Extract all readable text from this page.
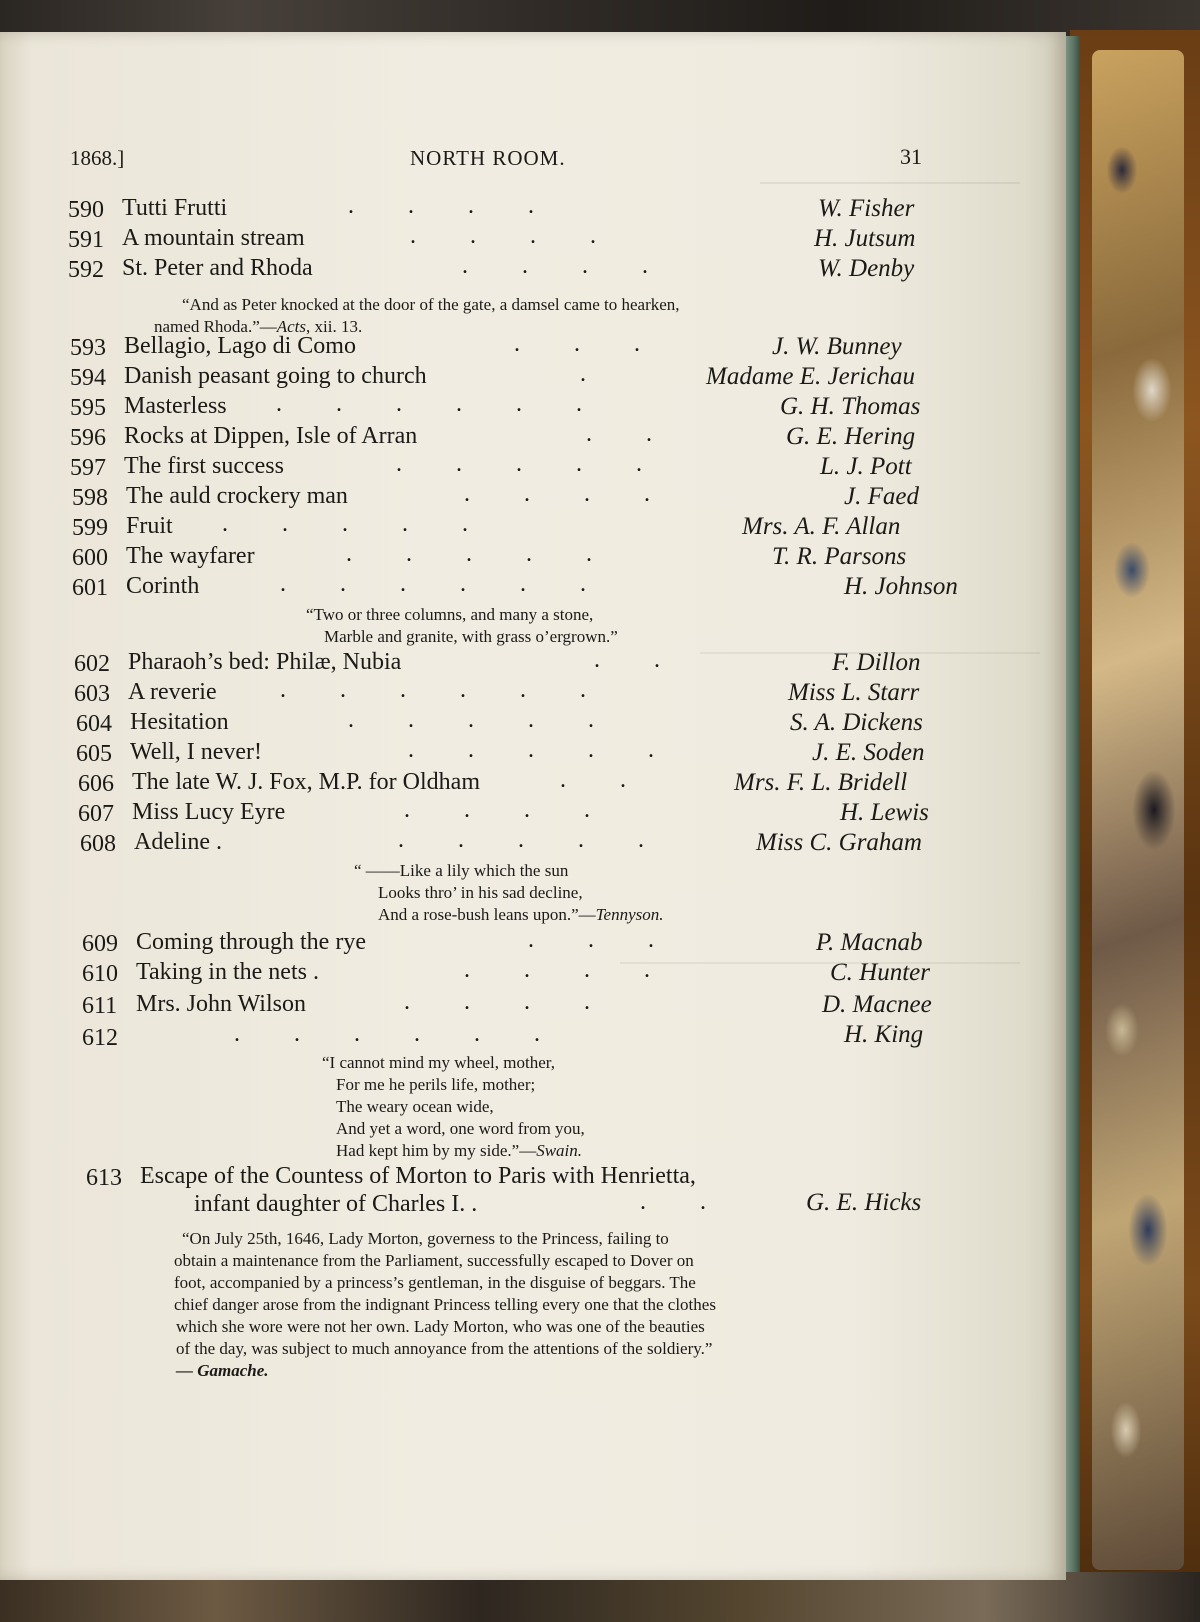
1868.]	NORTH ROOM.	31
590 Tutti Frutti	.         .         .         .	W. Fisher
591 A mountain stream	.         .         .         .	H. Jutsum
592 St. Peter and Rhoda	.         .         .         .	W. Denby
“And as Peter knocked at the door of the gate, a damsel came to hearken,
named Rhoda.”—Acts, xii. 13.
593 Bellagio, Lago di Como	.         .         .	J. W. Bunney
594 Danish peasant going to church	.	Madame E. Jerichau
595 Masterless .         .         .         .         .         .	G. H. Thomas
596 Rocks at Dippen, Isle of Arran	.         .	G. E. Hering
597 The first success	.         .         .         .         .	L. J. Pott
598 The auld crockery man	.         .         .         .	J. Faed
599 Fruit .         .         .         .         .	Mrs. A. F. Allan
600 The wayfarer	.         .         .         .         .	T. R. Parsons
601 Corinth	.         .         .         .         .         .	H. Johnson
“Two or three columns, and many a stone,
Marble and granite, with grass o’ergrown.”
602 Pharaoh’s bed: Philæ, Nubia	.         .	F. Dillon
603 A reverie	.         .         .         .         .         .	Miss L. Starr
604 Hesitation	.         .         .         .         .	S. A. Dickens
605 Well, I never!	.         .         .         .         .	J. E. Soden
606 The late W. J. Fox, M.P. for Oldham	.         .	Mrs. F. L. Bridell
607 Miss Lucy Eyre	.         .         .         .	H. Lewis
608 Adeline .	.         .         .         .         .	Miss C. Graham
“ ——Like a lily which the sun
Looks thro’ in his sad decline,
And a rose-bush leans upon.”—Tennyson.
609 Coming through the rye	.         .         .	P. Macnab
610 Taking in the nets .	.         .         .         .	C. Hunter
611 Mrs. John Wilson	.         .         .         .	D. Macnee
612	.         .         .         .         .         .	H. King
“I cannot mind my wheel, mother,
For me he perils life, mother;
The weary ocean wide,
And yet a word, one word from you,
Had kept him by my side.”—Swain.
613 Escape of the Countess of Morton to Paris with Henrietta,
infant daughter of Charles I. .	.         .	G. E. Hicks
“On July 25th, 1646, Lady Morton, governess to the Princess, failing to
obtain a maintenance from the Parliament, successfully escaped to Dover on
foot, accompanied by a princess’s gentleman, in the disguise of beggars. The
chief danger arose from the indignant Princess telling every one that the clothes
which she wore were not her own. Lady Morton, who was one of the beauties
of the day, was subject to much annoyance from the attentions of the soldiery.”
— Gamache.
